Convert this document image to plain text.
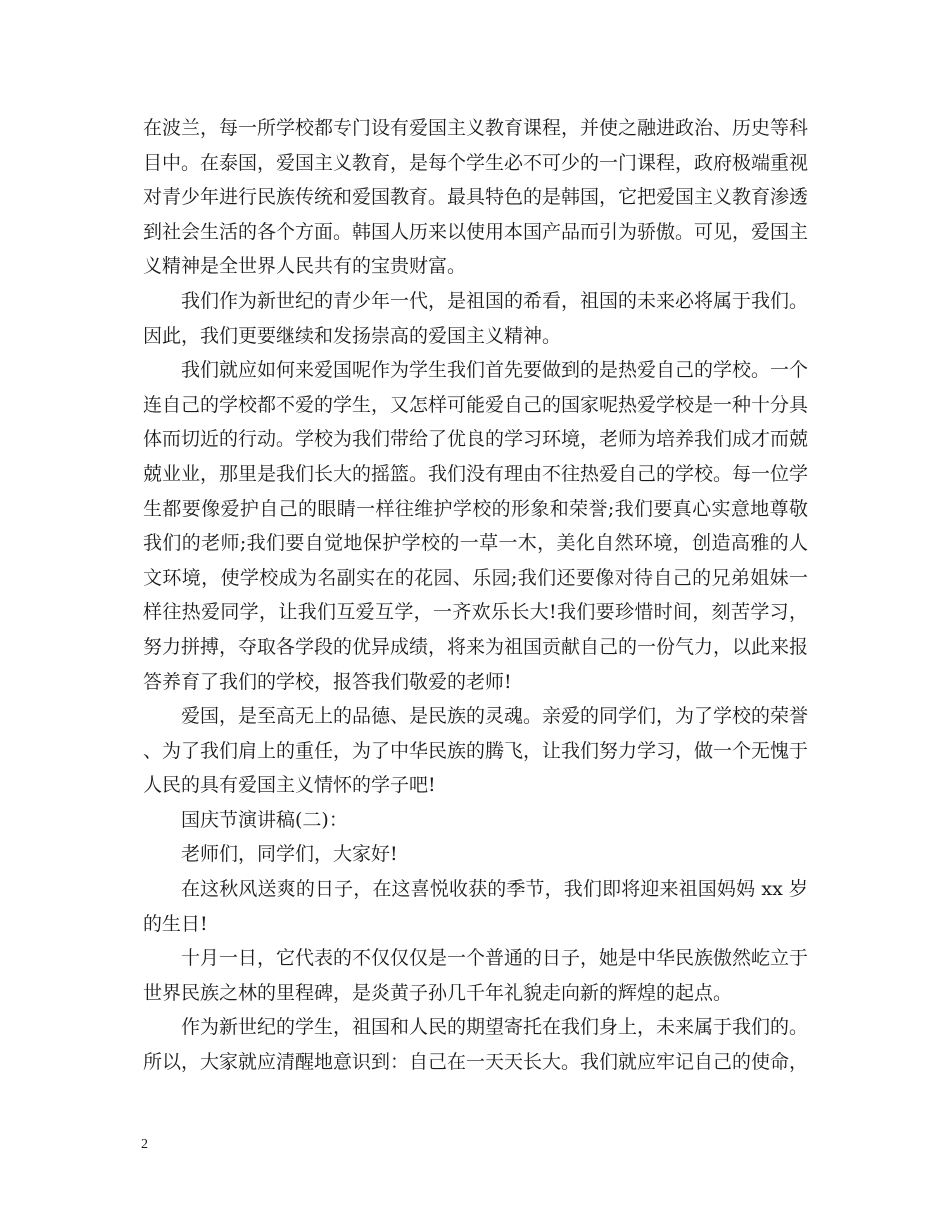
在波兰，每一所学校都专门设有爱国主义教育课程，并使之融进政治、历史等科目中。在泰国，爱国主义教育，是每个学生必不可少的一门课程，政府极端重视对青少年进行民族传统和爱国教育。最具特色的是韩国，它把爱国主义教育渗透到社会生活的各个方面。韩国人历来以使用本国产品而引为骄傲。可见，爱国主义精神是全世界人民共有的宝贵财富。

我们作为新世纪的青少年一代，是祖国的希看，祖国的未来必将属于我们。因此，我们更要继续和发扬崇高的爱国主义精神。

我们就应如何来爱国呢作为学生我们首先要做到的是热爱自己的学校。一个连自己的学校都不爱的学生，又怎样可能爱自己的国家呢热爱学校是一种十分具体而切近的行动。学校为我们带给了优良的学习环境，老师为培养我们成才而兢兢业业，那里是我们长大的摇篮。我们没有理由不往热爱自己的学校。每一位学生都要像爱护自己的眼睛一样往维护学校的形象和荣誉;我们要真心实意地尊敬我们的老师;我们要自觉地保护学校的一草一木，美化自然环境，创造高雅的人文环境，使学校成为名副实在的花园、乐园;我们还要像对待自己的兄弟姐妹一样往热爱同学，让我们互爱互学，一齐欢乐长大!我们要珍惜时间，刻苦学习，努力拼搏，夺取各学段的优异成绩，将来为祖国贡献自己的一份气力，以此来报答养育了我们的学校，报答我们敬爱的老师!

爱国，是至高无上的品德、是民族的灵魂。亲爱的同学们，为了学校的荣誉、为了我们肩上的重任，为了中华民族的腾飞，让我们努力学习，做一个无愧于人民的具有爱国主义情怀的学子吧!

国庆节演讲稿(二)：

老师们，同学们，大家好!

在这秋风送爽的日子，在这喜悦收获的季节，我们即将迎来祖国妈妈 xx 岁的生日!

十月一日，它代表的不仅仅仅是一个普通的日子，她是中华民族傲然屹立于世界民族之林的里程碑，是炎黄子孙几千年礼貌走向新的辉煌的起点。

作为新世纪的学生，祖国和人民的期望寄托在我们身上，未来属于我们的。所以，大家就应清醒地意识到：自己在一天天长大。我们就应牢记自己的使命，

2
